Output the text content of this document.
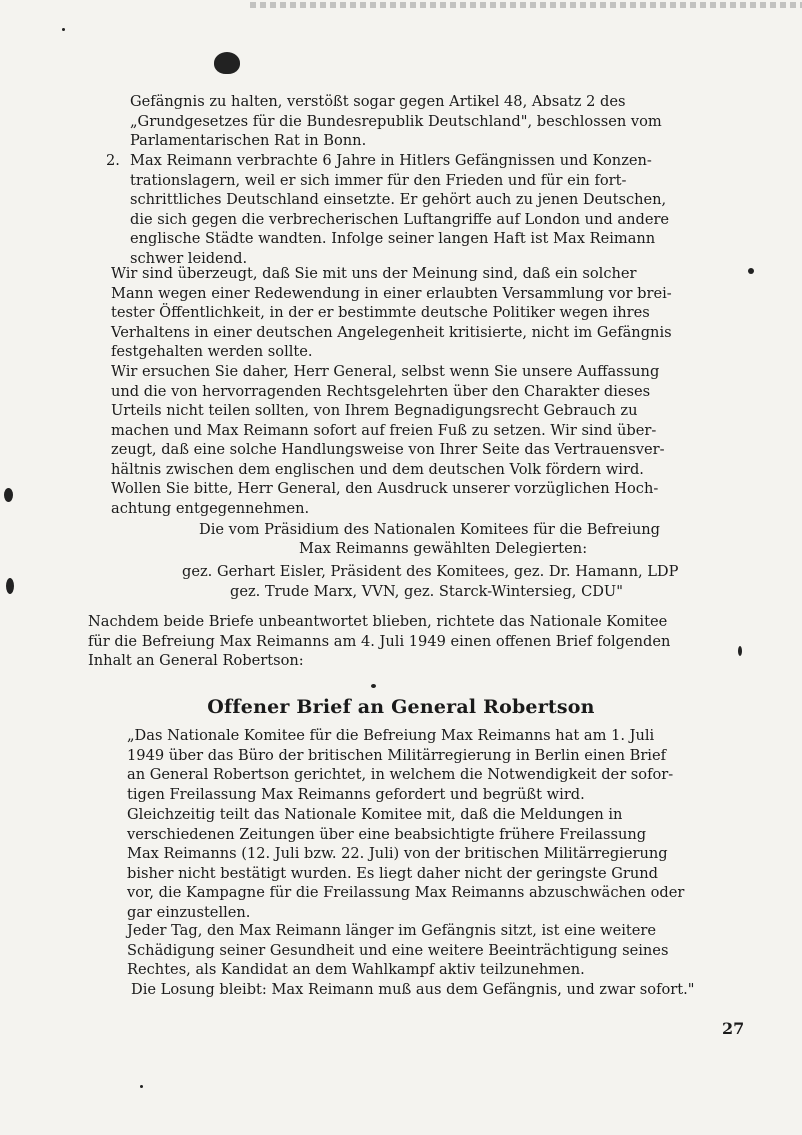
Gefängnis zu halten, verstößt sogar gegen Artikel 48, Absatz 2 des
„Grundgesetzes für die Bundesrepublik Deutschland", beschlossen vom
Parlamentarischen Rat in Bonn.
2. Max Reimann verbrachte 6 Jahre in Hitlers Gefängnissen und Konzen-
trationslagern, weil er sich immer für den Frieden und für ein fort-
schrittliches Deutschland einsetzte. Er gehört auch zu jenen Deutschen,
die sich gegen die verbrecherischen Luftangriffe auf London und andere
englische Städte wandten. Infolge seiner langen Haft ist Max Reimann
schwer leidend.
Wir sind überzeugt, daß Sie mit uns der Meinung sind, daß ein solcher
Mann wegen einer Redewendung in einer erlaubten Versammlung vor brei-
tester Öffentlichkeit, in der er bestimmte deutsche Politiker wegen ihres
Verhaltens in einer deutschen Angelegenheit kritisierte, nicht im Gefängnis
festgehalten werden sollte.
Wir ersuchen Sie daher, Herr General, selbst wenn Sie unsere Auffassung
und die von hervorragenden Rechtsgelehrten über den Charakter dieses
Urteils nicht teilen sollten, von Ihrem Begnadigungsrecht Gebrauch zu
machen und Max Reimann sofort auf freien Fuß zu setzen. Wir sind über-
zeugt, daß eine solche Handlungsweise von Ihrer Seite das Vertrauensver-
hältnis zwischen dem englischen und dem deutschen Volk fördern wird.
Wollen Sie bitte, Herr General, den Ausdruck unserer vorzüglichen Hoch-
achtung entgegennehmen.
Die vom Präsidium des Nationalen Komitees für die Befreiung
Max Reimanns gewählten Delegierten:
gez. Gerhart Eisler, Präsident des Komitees, gez. Dr. Hamann, LDP
gez. Trude Marx, VVN, gez. Starck-Wintersieg, CDU"
Nachdem beide Briefe unbeantwortet blieben, richtete das Nationale Komitee
für die Befreiung Max Reimanns am 4. Juli 1949 einen offenen Brief folgenden
Inhalt an General Robertson:
Offener Brief an General Robertson
„Das Nationale Komitee für die Befreiung Max Reimanns hat am 1. Juli
1949 über das Büro der britischen Militärregierung in Berlin einen Brief
an General Robertson gerichtet, in welchem die Notwendigkeit der sofor-
tigen Freilassung Max Reimanns gefordert und begrüßt wird.
Gleichzeitig teilt das Nationale Komitee mit, daß die Meldungen in
verschiedenen Zeitungen über eine beabsichtigte frühere Freilassung
Max Reimanns (12. Juli bzw. 22. Juli) von der britischen Militärregierung
bisher nicht bestätigt wurden. Es liegt daher nicht der geringste Grund
vor, die Kampagne für die Freilassung Max Reimanns abzuschwächen oder
gar einzustellen.
Jeder Tag, den Max Reimann länger im Gefängnis sitzt, ist eine weitere
Schädigung seiner Gesundheit und eine weitere Beeinträchtigung seines
Rechtes, als Kandidat an dem Wahlkampf aktiv teilzunehmen.
Die Losung bleibt: Max Reimann muß aus dem Gefängnis, und zwar sofort."
27
